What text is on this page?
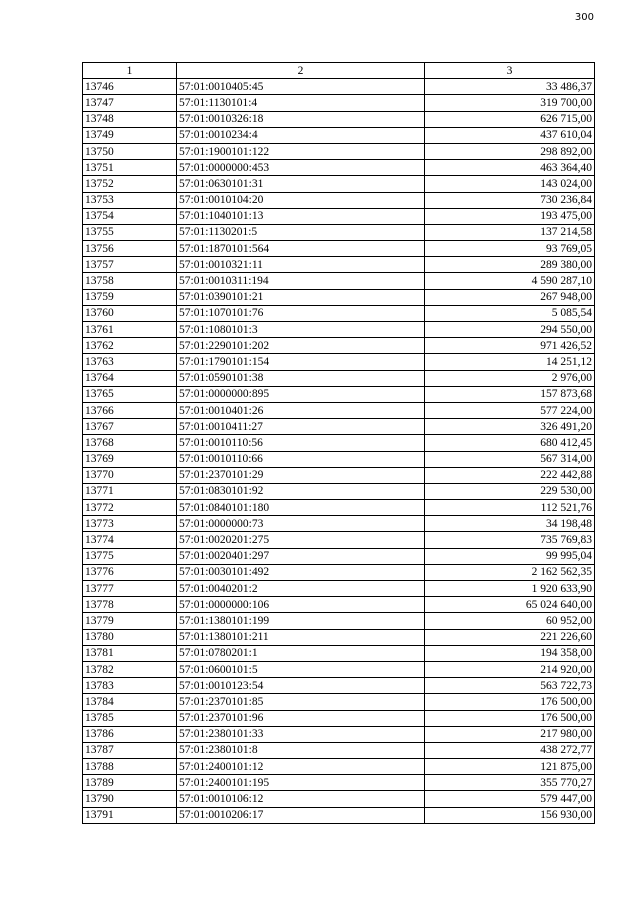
300
1	2	3
13746	57:01:0010405:45	33 486,37
13747	57:01:1130101:4	319 700,00
13748	57:01:0010326:18	626 715,00
13749	57:01:0010234:4	437 610,04
13750	57:01:1900101:122	298 892,00
13751	57:01:0000000:453	463 364,40
13752	57:01:0630101:31	143 024,00
13753	57:01:0010104:20	730 236,84
13754	57:01:1040101:13	193 475,00
13755	57:01:1130201:5	137 214,58
13756	57:01:1870101:564	93 769,05
13757	57:01:0010321:11	289 380,00
13758	57:01:0010311:194	4 590 287,10
13759	57:01:0390101:21	267 948,00
13760	57:01:1070101:76	5 085,54
13761	57:01:1080101:3	294 550,00
13762	57:01:2290101:202	971 426,52
13763	57:01:1790101:154	14 251,12
13764	57:01:0590101:38	2 976,00
13765	57:01:0000000:895	157 873,68
13766	57:01:0010401:26	577 224,00
13767	57:01:0010411:27	326 491,20
13768	57:01:0010110:56	680 412,45
13769	57:01:0010110:66	567 314,00
13770	57:01:2370101:29	222 442,88
13771	57:01:0830101:92	229 530,00
13772	57:01:0840101:180	112 521,76
13773	57:01:0000000:73	34 198,48
13774	57:01:0020201:275	735 769,83
13775	57:01:0020401:297	99 995,04
13776	57:01:0030101:492	2 162 562,35
13777	57:01:0040201:2	1 920 633,90
13778	57:01:0000000:106	65 024 640,00
13779	57:01:1380101:199	60 952,00
13780	57:01:1380101:211	221 226,60
13781	57:01:0780201:1	194 358,00
13782	57:01:0600101:5	214 920,00
13783	57:01:0010123:54	563 722,73
13784	57:01:2370101:85	176 500,00
13785	57:01:2370101:96	176 500,00
13786	57:01:2380101:33	217 980,00
13787	57:01:2380101:8	438 272,77
13788	57:01:2400101:12	121 875,00
13789	57:01:2400101:195	355 770,27
13790	57:01:0010106:12	579 447,00
13791	57:01:0010206:17	156 930,00
